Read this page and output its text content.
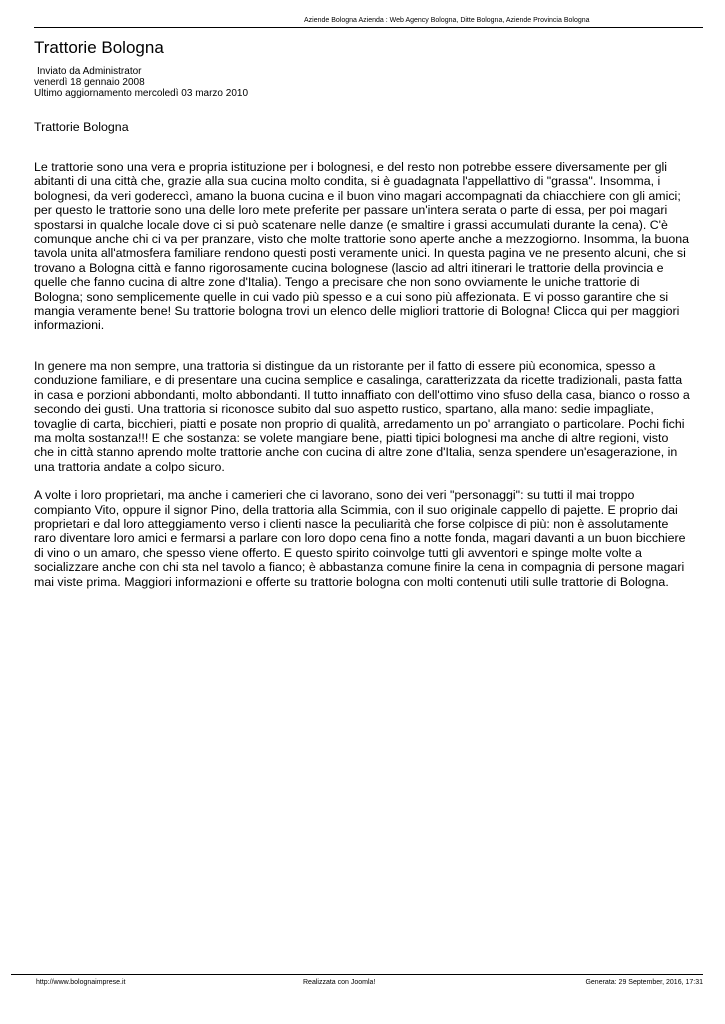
Aziende Bologna Azienda : Web Agency Bologna, Ditte Bologna, Aziende Provincia Bologna
Trattorie Bologna
Inviato da Administrator
venerdì 18 gennaio 2008
Ultimo aggiornamento mercoledì 03 marzo 2010
Trattorie Bologna

Le trattorie sono una vera e propria istituzione per i bolognesi, e del resto non potrebbe essere diversamente per gli abitanti di una città che, grazie alla sua cucina molto condita, si è guadagnata l'appellattivo di "grassa". Insomma, i bolognesi, da veri godereccì, amano la buona cucina e il buon vino magari accompagnati da chiacchiere con gli amici; per questo le trattorie sono una delle loro mete preferite per passare un'intera serata o parte di essa, per poi magari spostarsi in qualche locale dove ci si può scatenare nelle danze (e smaltire i grassi accumulati durante la cena). C'è comunque anche chi ci va per pranzare, visto che molte trattorie sono aperte anche a mezzogiorno. Insomma, la buona tavola unita all'atmosfera familiare rendono questi posti veramente unici. In questa pagina ve ne presento alcuni, che si trovano a Bologna città e fanno rigorosamente cucina bolognese (lascio ad altri itinerari le trattorie della provincia e quelle che fanno cucina di altre zone d'Italia). Tengo a precisare che non sono ovviamente le uniche trattorie di Bologna; sono semplicemente quelle in cui vado più spesso e a cui sono più affezionata. E vi posso garantire che si mangia veramente bene! Su trattorie bologna trovi un elenco delle migliori trattorie di Bologna! Clicca qui per maggiori informazioni.

In genere ma non sempre, una trattoria si distingue da un ristorante per il fatto di essere più economica, spesso a conduzione familiare, e di presentare una cucina semplice e casalinga, caratterizzata da ricette tradizionali, pasta fatta in casa e porzioni abbondanti, molto abbondanti. Il tutto innaffiato con dell'ottimo vino sfuso della casa, bianco o rosso a secondo dei gusti. Una trattoria si riconosce subito dal suo aspetto rustico, spartano, alla mano: sedie impagliate, tovaglie di carta, bicchieri, piatti e posate non proprio di qualità, arredamento un po' arrangiato o particolare. Pochi fichi ma molta sostanza!!! E che sostanza: se volete mangiare bene, piatti tipici bolognesi ma anche di altre regioni, visto che in città stanno aprendo molte trattorie anche con cucina di altre zone d'Italia, senza spendere un'esagerazione, in una trattoria andate a colpo sicuro.

A volte i loro proprietari, ma anche i camerieri che ci lavorano, sono dei veri "personaggi": su tutti il mai troppo compianto Vito, oppure il signor Pino, della trattoria alla Scimmia, con il suo originale cappello di pajette. E proprio dai proprietari e dal loro atteggiamento verso i clienti nasce la peculiarità che forse colpisce di più: non è assolutamente raro diventare loro amici e fermarsi a parlare con loro dopo cena fino a notte fonda, magari davanti a un buon bicchiere di vino o un amaro, che spesso viene offerto. E questo spirito coinvolge tutti gli avventori e spinge molte volte a socializzare anche con chi sta nel tavolo a fianco; è abbastanza comune finire la cena in compagnia di persone magari mai viste prima. Maggiori informazioni e offerte su trattorie bologna con molti contenuti utili sulle trattorie di Bologna.

http://www.bolognaimprese.it	Realizzata con Joomla!	Generata: 29 September, 2016, 17:31
